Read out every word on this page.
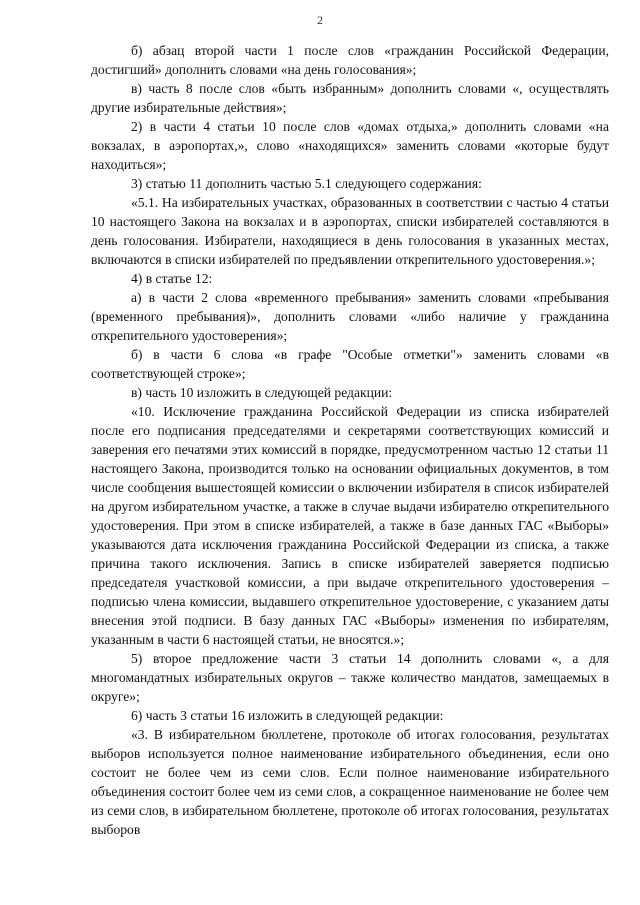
2

б) абзац второй части 1 после слов «гражданин Российской Федерации, достигший» дополнить словами «на день голосования»;

в) часть 8 после слов «быть избранным» дополнить словами «, осуществлять другие избирательные действия»;

2) в части 4 статьи 10 после слов «домах отдыха,» дополнить словами «на вокзалах, в аэропортах,», слово «находящихся» заменить словами «которые будут находиться»;

3) статью 11 дополнить частью 5.1 следующего содержания:

«5.1. На избирательных участках, образованных в соответствии с частью 4 статьи 10 настоящего Закона на вокзалах и в аэропортах, списки избирателей составляются в день голосования. Избиратели, находящиеся в день голосования в указанных местах, включаются в списки избирателей по предъявлении открепительного удостоверения.»;

4) в статье 12:

а) в части 2 слова «временного пребывания» заменить словами «пребывания (временного пребывания)», дополнить словами «либо наличие у гражданина открепительного удостоверения»;

б) в части 6 слова «в графе "Особые отметки"» заменить словами «в соответствующей строке»;

в) часть 10 изложить в следующей редакции:

«10. Исключение гражданина Российской Федерации из списка избирателей после его подписания председателями и секретарями соответствующих комиссий и заверения его печатями этих комиссий в порядке, предусмотренном частью 12 статьи 11 настоящего Закона, производится только на основании официальных документов, в том числе сообщения вышестоящей комиссии о включении избирателя в список избирателей на другом избирательном участке, а также в случае выдачи избирателю открепительного удостоверения. При этом в списке избирателей, а также в базе данных ГАС «Выборы» указываются дата исключения гражданина Российской Федерации из списка, а также причина такого исключения. Запись в списке избирателей заверяется подписью председателя участковой комиссии, а при выдаче открепительного удостоверения – подписью члена комиссии, выдавшего открепительное удостоверение, с указанием даты внесения этой подписи. В базу данных ГАС «Выборы» изменения по избирателям, указанным в части 6 настоящей статьи, не вносятся.»;

5) второе предложение части 3 статьи 14 дополнить словами «, а для многомандатных избирательных округов – также количество мандатов, замещаемых в округе»;

6) часть 3 статьи 16 изложить в следующей редакции:

«3. В избирательном бюллетене, протоколе об итогах голосования, результатах выборов используется полное наименование избирательного объединения, если оно состоит не более чем из семи слов. Если полное наименование избирательного объединения состоит более чем из семи слов, а сокращенное наименование не более чем из семи слов, в избирательном бюллетене, протоколе об итогах голосования, результатах выборов
